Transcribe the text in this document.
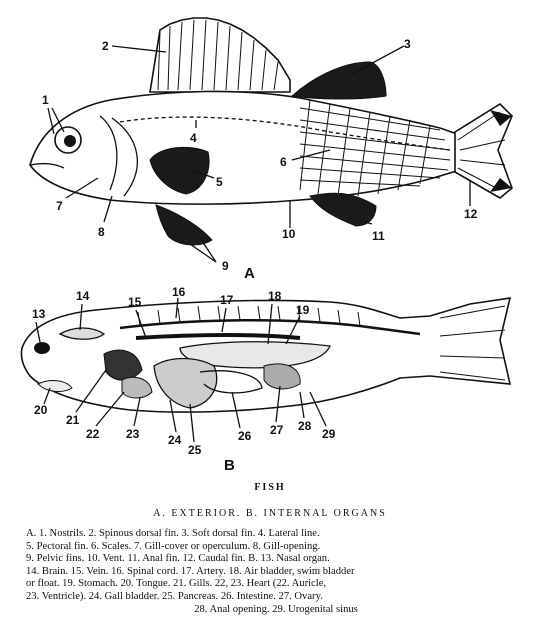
1
2	3
4
5
6
7
8
9
10	11
12
A
13
14	15
16
17	18
19
20
21
22 23 24
25
26 27 28
29
B
FISH
A. EXTERIOR. B. INTERNAL ORGANS
A. 1. Nostrils. 2. Spinous dorsal fin. 3. Soft dorsal fin. 4. Lateral line.
5. Pectoral fin. 6. Scales. 7. Gill-cover or operculum. 8. Gill-opening.
9. Pelvic fins. 10. Vent. 11. Anal fin. 12. Caudal fin. B. 13. Nasal organ.
14. Brain. 15. Vein. 16. Spinal cord. 17. Artery. 18. Air bladder, swim bladder
or float. 19. Stomach. 20. Tongue. 21. Gills. 22, 23. Heart (22. Auricle,
23. Ventricle). 24. Gall bladder. 25. Pancreas. 26. Intestine. 27. Ovary.
28. Anal opening. 29. Urogenital sinus
